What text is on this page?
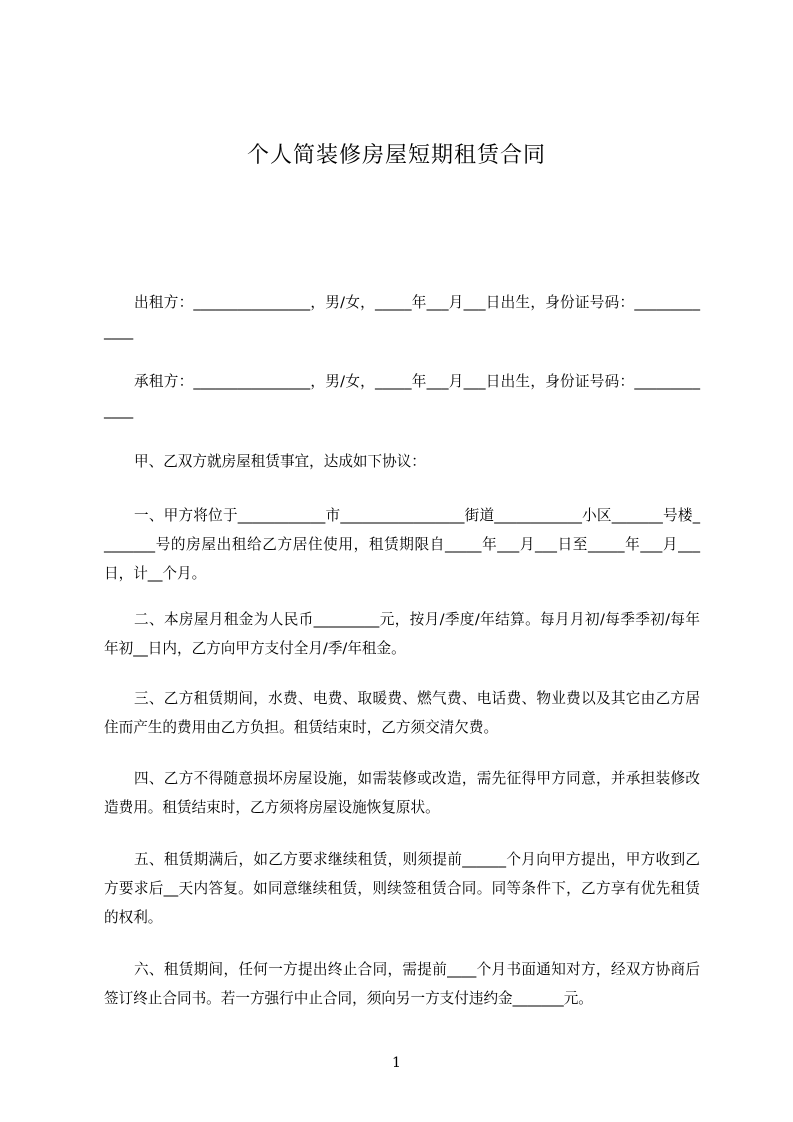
个人简装修房屋短期租赁合同

出租方：________________，男/女，_____年___月___日出生，身份证号码：_____________

承租方：________________，男/女，_____年___月___日出生，身份证号码：_____________

甲、乙双方就房屋租赁事宜，达成如下协议：

一、甲方将位于____________市_________________街道____________小区_______号楼________号的房屋出租给乙方居住使用，租赁期限自_____年___月___日至_____年___月___日，计__个月。

二、本房屋月租金为人民币_________元，按月/季度/年结算。每月月初/每季季初/每年年初__日内，乙方向甲方支付全月/季/年租金。

三、乙方租赁期间，水费、电费、取暖费、燃气费、电话费、物业费以及其它由乙方居住而产生的费用由乙方负担。租赁结束时，乙方须交清欠费。

四、乙方不得随意损坏房屋设施，如需装修或改造，需先征得甲方同意，并承担装修改造费用。租赁结束时，乙方须将房屋设施恢复原状。

五、租赁期满后，如乙方要求继续租赁，则须提前______个月向甲方提出，甲方收到乙方要求后__天内答复。如同意继续租赁，则续签租赁合同。同等条件下，乙方享有优先租赁的权利。

六、租赁期间，任何一方提出终止合同，需提前____个月书面通知对方，经双方协商后签订终止合同书。若一方强行中止合同，须向另一方支付违约金_______元。

1
